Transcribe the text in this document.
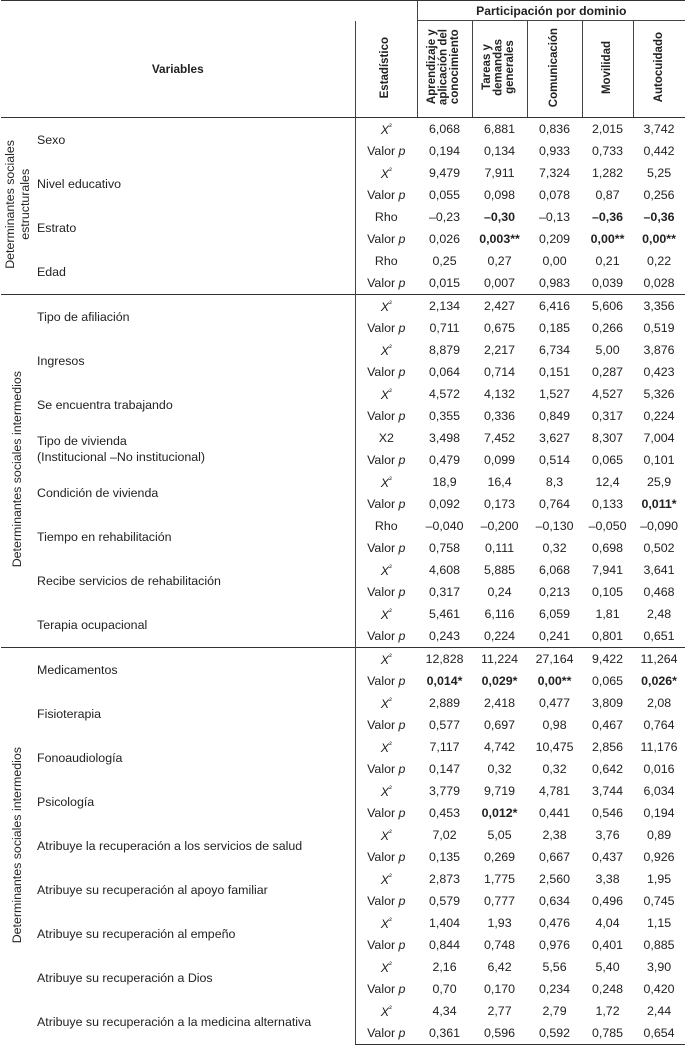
			Participación por dominio				
Variables		Estadístico	Aprendizaje y aplicación del conocimiento	Tareas y demandas generales	Comunicación	Movilidad	Autocuidado

Determinantes sociales estructurales	Sexo	$X^{^2}$	6,068	6,881	0,836	2,015	3,742
		Valor p	0,194	0,134	0,933	0,733	0,442

	Nivel educativo	$X^{^2}$	9,479	7,911	7,324	1,282	5,25
		Valor p	0,055	0,098	0,078	0,87	0,256

	Estrato	Rho	–0,23	–0,30	–0,13	–0,36	–0,36
		Valor p	0,026	0,003**	0,209	0,00**	0,00**

	Edad	Rho	0,25	0,27	0,00	0,21	0,22
		Valor p	0,015	0,007	0,983	0,039	0,028

Determinantes sociales intermedios	Tipo de afiliación	$X^{^2}$	2,134	2,427	6,416	5,606	3,356
		Valor p	0,711	0,675	0,185	0,266	0,519

	Ingresos	$X^{^2}$	8,879	2,217	6,734	5,00	3,876
		Valor p	0,064	0,714	0,151	0,287	0,423

	Se encuentra trabajando	$X^{^2}$	4,572	4,132	1,527	4,527	5,326
		Valor p	0,355	0,336	0,849	0,317	0,224

	Tipo de vivienda
(Institucional –No institucional)	X2	3,498	7,452	3,627	8,307	7,004
		Valor p	0,479	0,099	0,514	0,065	0,101

	Condición de vivienda	$X^{^2}$	18,9	16,4	8,3	12,4	25,9
		Valor p	0,092	0,173	0,764	0,133	0,011*

	Tiempo en rehabilitación	Rho	–0,040	–0,200	–0,130	–0,050	–0,090
		Valor p	0,758	0,111	0,32	0,698	0,502

	Recibe servicios de rehabilitación	$X^{^2}$	4,608	5,885	6,068	7,941	3,641
		Valor p	0,317	0,24	0,213	0,105	0,468

	Terapia ocupacional	$X^{^2}$	5,461	6,116	6,059	1,81	2,48
		Valor p	0,243	0,224	0,241	0,801	0,651

Determinantes sociales intermedios	Medicamentos	$X^{^2}$	12,828	11,224	27,164	9,422	11,264
		Valor p	0,014*	0,029*	0,00**	0,065	0,026*

	Fisioterapia	$X^{^2}$	2,889	2,418	0,477	3,809	2,08
		Valor p	0,577	0,697	0,98	0,467	0,764

	Fonoaudiología	$X^{^2}$	7,117	4,742	10,475	2,856	11,176
		Valor p	0,147	0,32	0,32	0,642	0,016

	Psicología	$X^{^2}$	3,779	9,719	4,781	3,744	6,034
		Valor p	0,453	0,012*	0,441	0,546	0,194

	Atribuye la recuperación a los servicios de salud	$X^{^2}$	7,02	5,05	2,38	3,76	0,89
		Valor p	0,135	0,269	0,667	0,437	0,926

	Atribuye su recuperación al apoyo familiar	$X^{^2}$	2,873	1,775	2,560	3,38	1,95
		Valor p	0,579	0,777	0,634	0,496	0,745

	Atribuye su recuperación al empeño	$X^{^2}$	1,404	1,93	0,476	4,04	1,15
		Valor p	0,844	0,748	0,976	0,401	0,885

	Atribuye su recuperación a Dios	$X^{^2}$	2,16	6,42	5,56	5,40	3,90
		Valor p	0,70	0,170	0,234	0,248	0,420

	Atribuye su recuperación a la medicina alternativa	$X^{^2}$	4,34	2,77	2,79	1,72	2,44
		Valor p	0,361	0,596	0,592	0,785	0,654
